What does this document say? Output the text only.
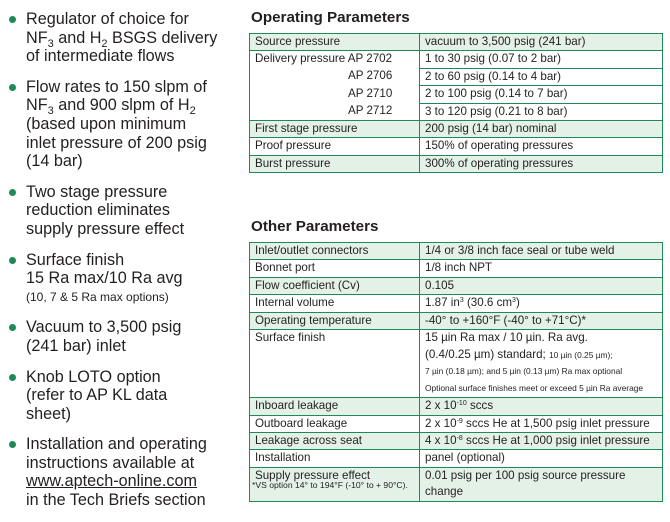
Regulator of choice for
$NF_3$ and $H_2$ BSGS delivery
of intermediate flows
Flow rates to 150 slpm of
$NF_3$ and 900 slpm of $H_2$
(based upon minimum
inlet pressure of 200 psig
(14 bar)
Two stage pressure
reduction eliminates
supply pressure effect
Surface finish
15 Ra max/10 Ra avg
(10, 7 & 5 Ra max options)
Vacuum to 3,500 psig
(241 bar) inlet
Knob LOTO option
(refer to AP KL data
sheet)
Installation and operating
instructions available at
www.aptech-online.com
in the Tech Briefs section
Operating Parameters
Source pressure	vacuum to 3,500 psig (241 bar)
Delivery pressure AP 2702	1 to 30 psig (0.07 to 2 bar)

AP 2706	2 to 60 psig (0.14 to 4 bar)

AP 2710	2 to 100 psig (0.14 to 7 bar)

AP 2712	3 to 120 psig (0.21 to 8 bar)
First stage pressure	200 psig (14 bar) nominal
Proof pressure	150% of operating pressures
Burst pressure	300% of operating pressures
Other Parameters
Inlet/outlet connectors	1/4 or 3/8 inch face seal or tube weld
Bonnet port	1/8 inch NPT
Flow coefficient (Cv)	0.105
Internal volume	1.87 $in^3$ (30.6 $cm^3$)
Operating temperature	-40° to +160°F (-40° to +71°C)*
Surface finish	15 µin Ra max / 10 µin. Ra avg.
(0.4/0.25 µm) standard; 10 µin (0.25 µm);
7 µin (0.18 µm); and 5 µin (0.13 µm) Ra max optional
Optional surface finishes meet or exceed 5 µin Ra average

Inboard leakage	2 x $10^{-10}$ sccs
Outboard leakage	2 x $10^{-9}$ sccs He at 1,500 psig inlet pressure
Leakage across seat	4 x $10^{-8}$ sccs He at 1,000 psig inlet pressure
Installation	panel (optional)
Supply pressure effect	0.01 psig per 100 psig source pressure change
*VS option 14° to 194°F (-10° to + 90°C).
